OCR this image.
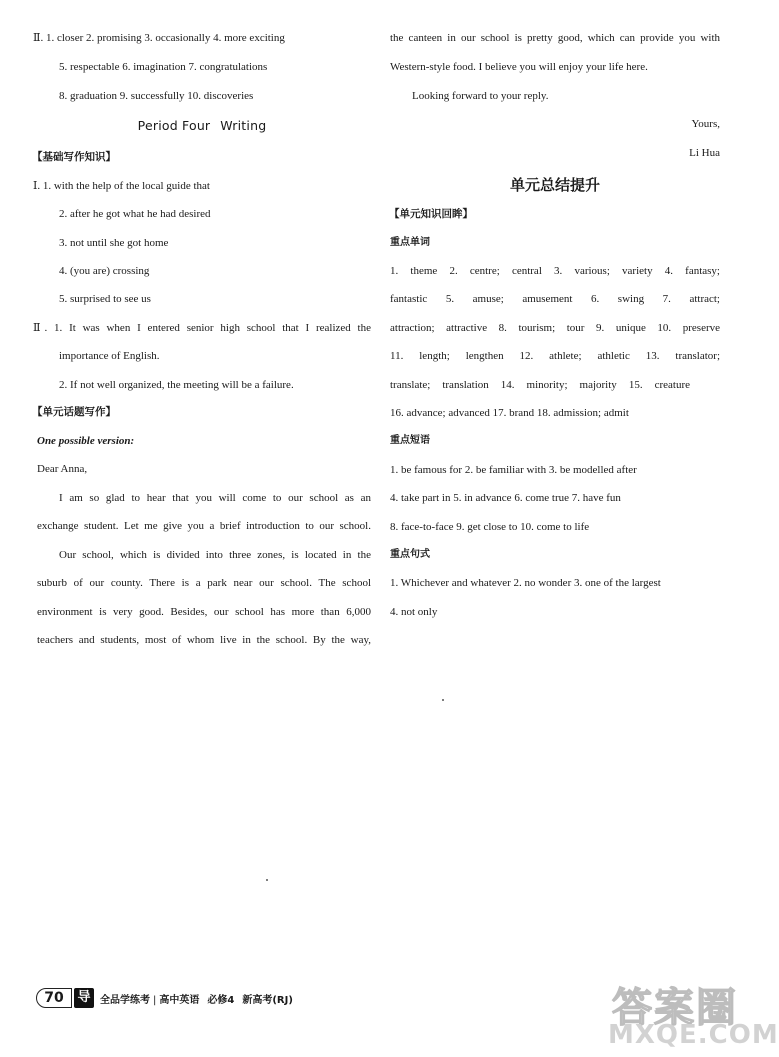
Ⅱ. 1. closer 2. promising 3. occasionally 4. more exciting
5. respectable 6. imagination 7. congratulations
8. graduation 9. successfully 10. discoveries
Period Four Writing
【基础写作知识】
Ⅰ. 1. with the help of the local guide that
2. after he got what he had desired
3. not until she got home
4. (you are) crossing
5. surprised to see us
Ⅱ. 1. It was when I entered senior high school that I realized the
importance of English.
2. If not well organized, the meeting will be a failure.
【单元话题写作】
One possible version:
Dear Anna,
I am so glad to hear that you will come to our school as an
exchange student. Let me give you a brief introduction to our school.
Our school, which is divided into three zones, is located in the
suburb of our county. There is a park near our school. The school
environment is very good. Besides, our school has more than 6,000
teachers and students, most of whom live in the school. By the way,
the canteen in our school is pretty good, which can provide you with
Western-style food. I believe you will enjoy your life here.
Looking forward to your reply.
Yours,
Li Hua
单元总结提升
【单元知识回眸】
重点单词
1. theme 2. centre; central 3. various; variety 4. fantasy;
fantastic 5. amuse; amusement 6. swing 7. attract;
attraction; attractive 8. tourism; tour 9. unique 10. preserve
11. length; lengthen 12. athlete; athletic 13. translator;
translate; translation 14. minority; majority 15. creature
16. advance; advanced 17. brand 18. admission; admit
重点短语
1. be famous for 2. be familiar with 3. be modelled after
4. take part in 5. in advance 6. come true 7. have fun
8. face-to-face 9. get close to 10. come to life
重点句式
1. Whichever and whatever 2. no wonder 3. one of the largest
4. not only
70	导 全品学练考 | 高中英语 必修4 新高考(RJ)	答案圈
MXQE.COM
